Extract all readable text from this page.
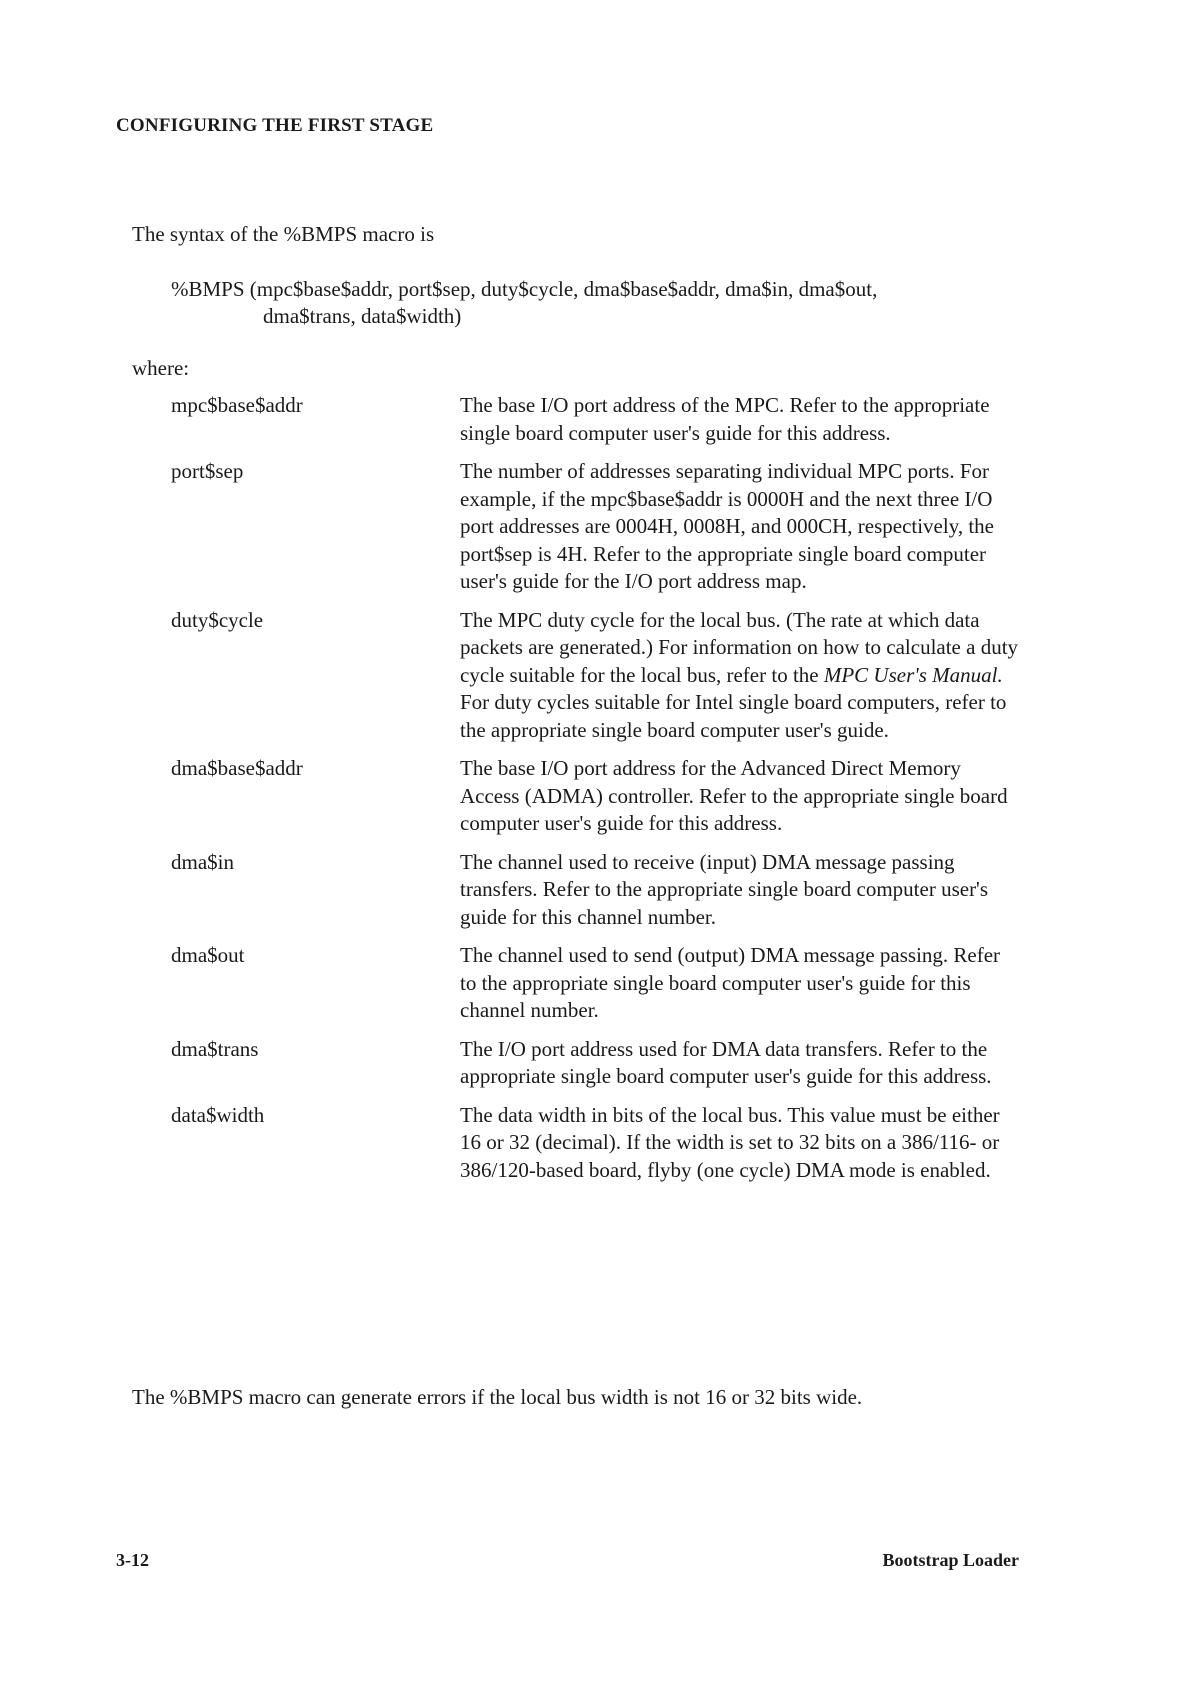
CONFIGURING THE FIRST STAGE

The syntax of the %BMPS macro is

%BMPS (mpc$base$addr, port$sep, duty$cycle, dma$base$addr, dma$in, dma$out,
dma$trans, data$width)

where:

mpc$base$addr	The base I/O port address of the MPC. Refer to the appropriate single board computer user's guide for this address.
port$sep	The number of addresses separating individual MPC ports. For example, if the mpc$base$addr is 0000H and the next three I/O port addresses are 0004H, 0008H, and 000CH, respectively, the port$sep is 4H. Refer to the appropriate single board computer user's guide for the I/O port address map.
duty$cycle	The MPC duty cycle for the local bus. (The rate at which data packets are generated.) For information on how to calculate a duty cycle suitable for the local bus, refer to the MPC User's Manual. For duty cycles suitable for Intel single board computers, refer to the appropriate single board computer user's guide.
dma$base$addr	The base I/O port address for the Advanced Direct Memory Access (ADMA) controller. Refer to the appropriate single board computer user's guide for this address.
dma$in	The channel used to receive (input) DMA message passing transfers. Refer to the appropriate single board computer user's guide for this channel number.
dma$out	The channel used to send (output) DMA message passing. Refer to the appropriate single board computer user's guide for this channel number.
dma$trans	The I/O port address used for DMA data transfers. Refer to the appropriate single board computer user's guide for this address.
data$width	The data width in bits of the local bus. This value must be either 16 or 32 (decimal). If the width is set to 32 bits on a 386/116- or 386/120-based board, flyby (one cycle) DMA mode is enabled.

The %BMPS macro can generate errors if the local bus width is not 16 or 32 bits wide.

3-12	Bootstrap Loader
